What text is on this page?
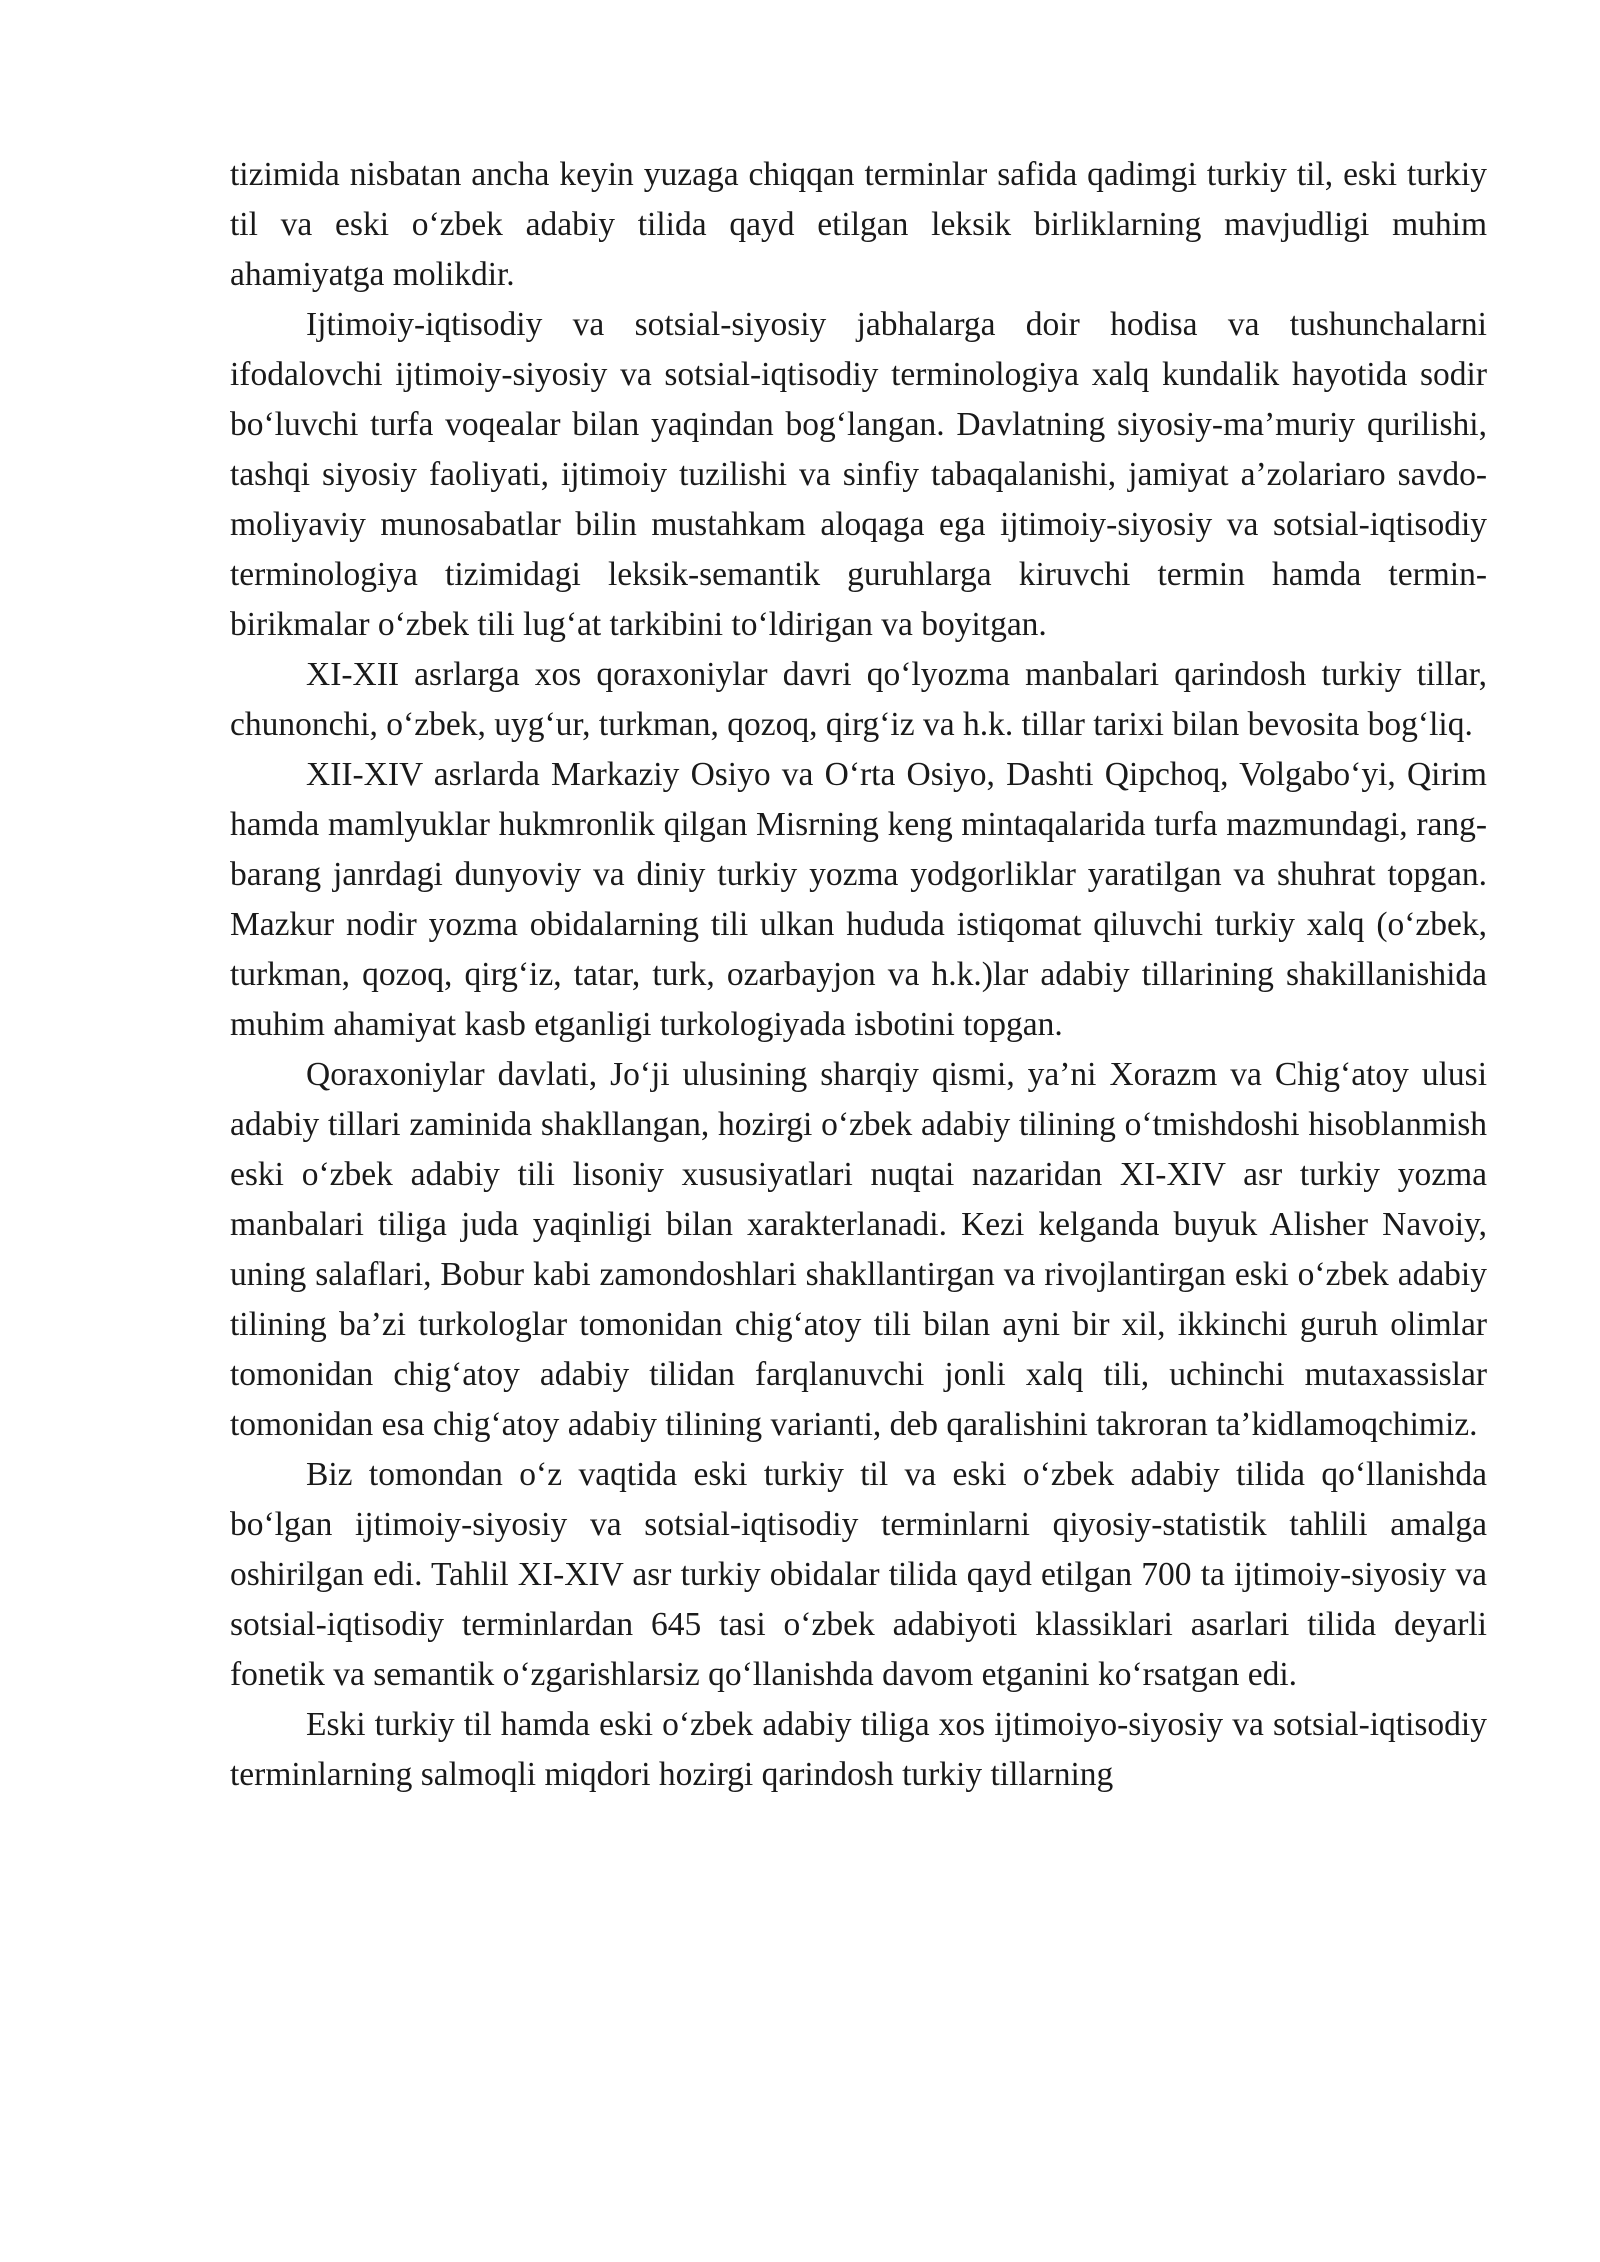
tizimida nisbatan ancha keyin yuzaga chiqqan terminlar safida qadimgi turkiy til, eski turkiy til va eski o‘zbek adabiy tilida qayd etilgan leksik birliklarning mavjudligi muhim ahamiyatga molikdir.

Ijtimoiy-iqtisodiy va sotsial-siyosiy jabhalarga doir hodisa va tushunchalarni ifodalovchi ijtimoiy-siyosiy va sotsial-iqtisodiy terminologiya xalq kundalik hayotida sodir bo‘luvchi turfa voqealar bilan yaqindan bog‘langan. Davlatning siyosiy-ma’muriy qurilishi, tashqi siyosiy faoliyati, ijtimoiy tuzilishi va sinfiy tabaqalanishi, jamiyat a’zolariaro savdo-moliyaviy munosabatlar bilin mustahkam aloqaga ega ijtimoiy-siyosiy va sotsial-iqtisodiy terminologiya tizimidagi leksik-semantik guruhlarga kiruvchi termin hamda termin-birikmalar o‘zbek tili lug‘at tarkibini to‘ldirigan va boyitgan.

XI-XII asrlarga xos qoraxoniylar davri qo‘lyozma manbalari qarindosh turkiy tillar, chunonchi, o‘zbek, uyg‘ur, turkman, qozoq, qirg‘iz va h.k. tillar tarixi bilan bevosita bog‘liq.

XII-XIV asrlarda Markaziy Osiyo va O‘rta Osiyo, Dashti Qipchoq, Volgabo‘yi, Qirim hamda mamlyuklar hukmronlik qilgan Misrning keng mintaqalarida turfa mazmundagi, rang-barang janrdagi dunyoviy va diniy turkiy yozma yodgorliklar yaratilgan va shuhrat topgan. Mazkur nodir yozma obidalarning tili ulkan hududa istiqomat qiluvchi turkiy xalq (o‘zbek, turkman, qozoq, qirg‘iz, tatar, turk, ozarbayjon va h.k.)lar adabiy tillarining shakillanishida muhim ahamiyat kasb etganligi turkologiyada isbotini topgan.

Qoraxoniylar davlati, Jo‘ji ulusining sharqiy qismi, ya’ni Xorazm va Chig‘atoy ulusi adabiy tillari zaminida shakllangan, hozirgi o‘zbek adabiy tilining o‘tmishdoshi hisoblanmish eski o‘zbek adabiy tili lisoniy xususiyatlari nuqtai nazaridan XI-XIV asr turkiy yozma manbalari tiliga juda yaqinligi bilan xarakterlanadi. Kezi kelganda buyuk Alisher Navoiy, uning salaflari, Bobur kabi zamondoshlari shakllantirgan va rivojlantirgan eski o‘zbek adabiy tilining ba’zi turkologlar tomonidan chig‘atoy tili bilan ayni bir xil, ikkinchi guruh olimlar tomonidan chig‘atoy adabiy tilidan farqlanuvchi jonli xalq tili, uchinchi mutaxassislar tomonidan esa chig‘atoy adabiy tilining varianti, deb qaralishini takroran ta’kidlamoqchimiz.

Biz tomondan o‘z vaqtida eski turkiy til va eski o‘zbek adabiy tilida qo‘llanishda bo‘lgan ijtimoiy-siyosiy va sotsial-iqtisodiy terminlarni qiyosiy-statistik tahlili amalga oshirilgan edi. Tahlil XI-XIV asr turkiy obidalar tilida qayd etilgan 700 ta ijtimoiy-siyosiy va sotsial-iqtisodiy terminlardan 645 tasi o‘zbek adabiyoti klassiklari asarlari tilida deyarli fonetik va semantik o‘zgarishlarsiz qo‘llanishda davom etganini ko‘rsatgan edi.

Eski turkiy til hamda eski o‘zbek adabiy tiliga xos ijtimoiyo-siyosiy va sotsial-iqtisodiy terminlarning salmoqli miqdori hozirgi qarindosh turkiy tillarning
